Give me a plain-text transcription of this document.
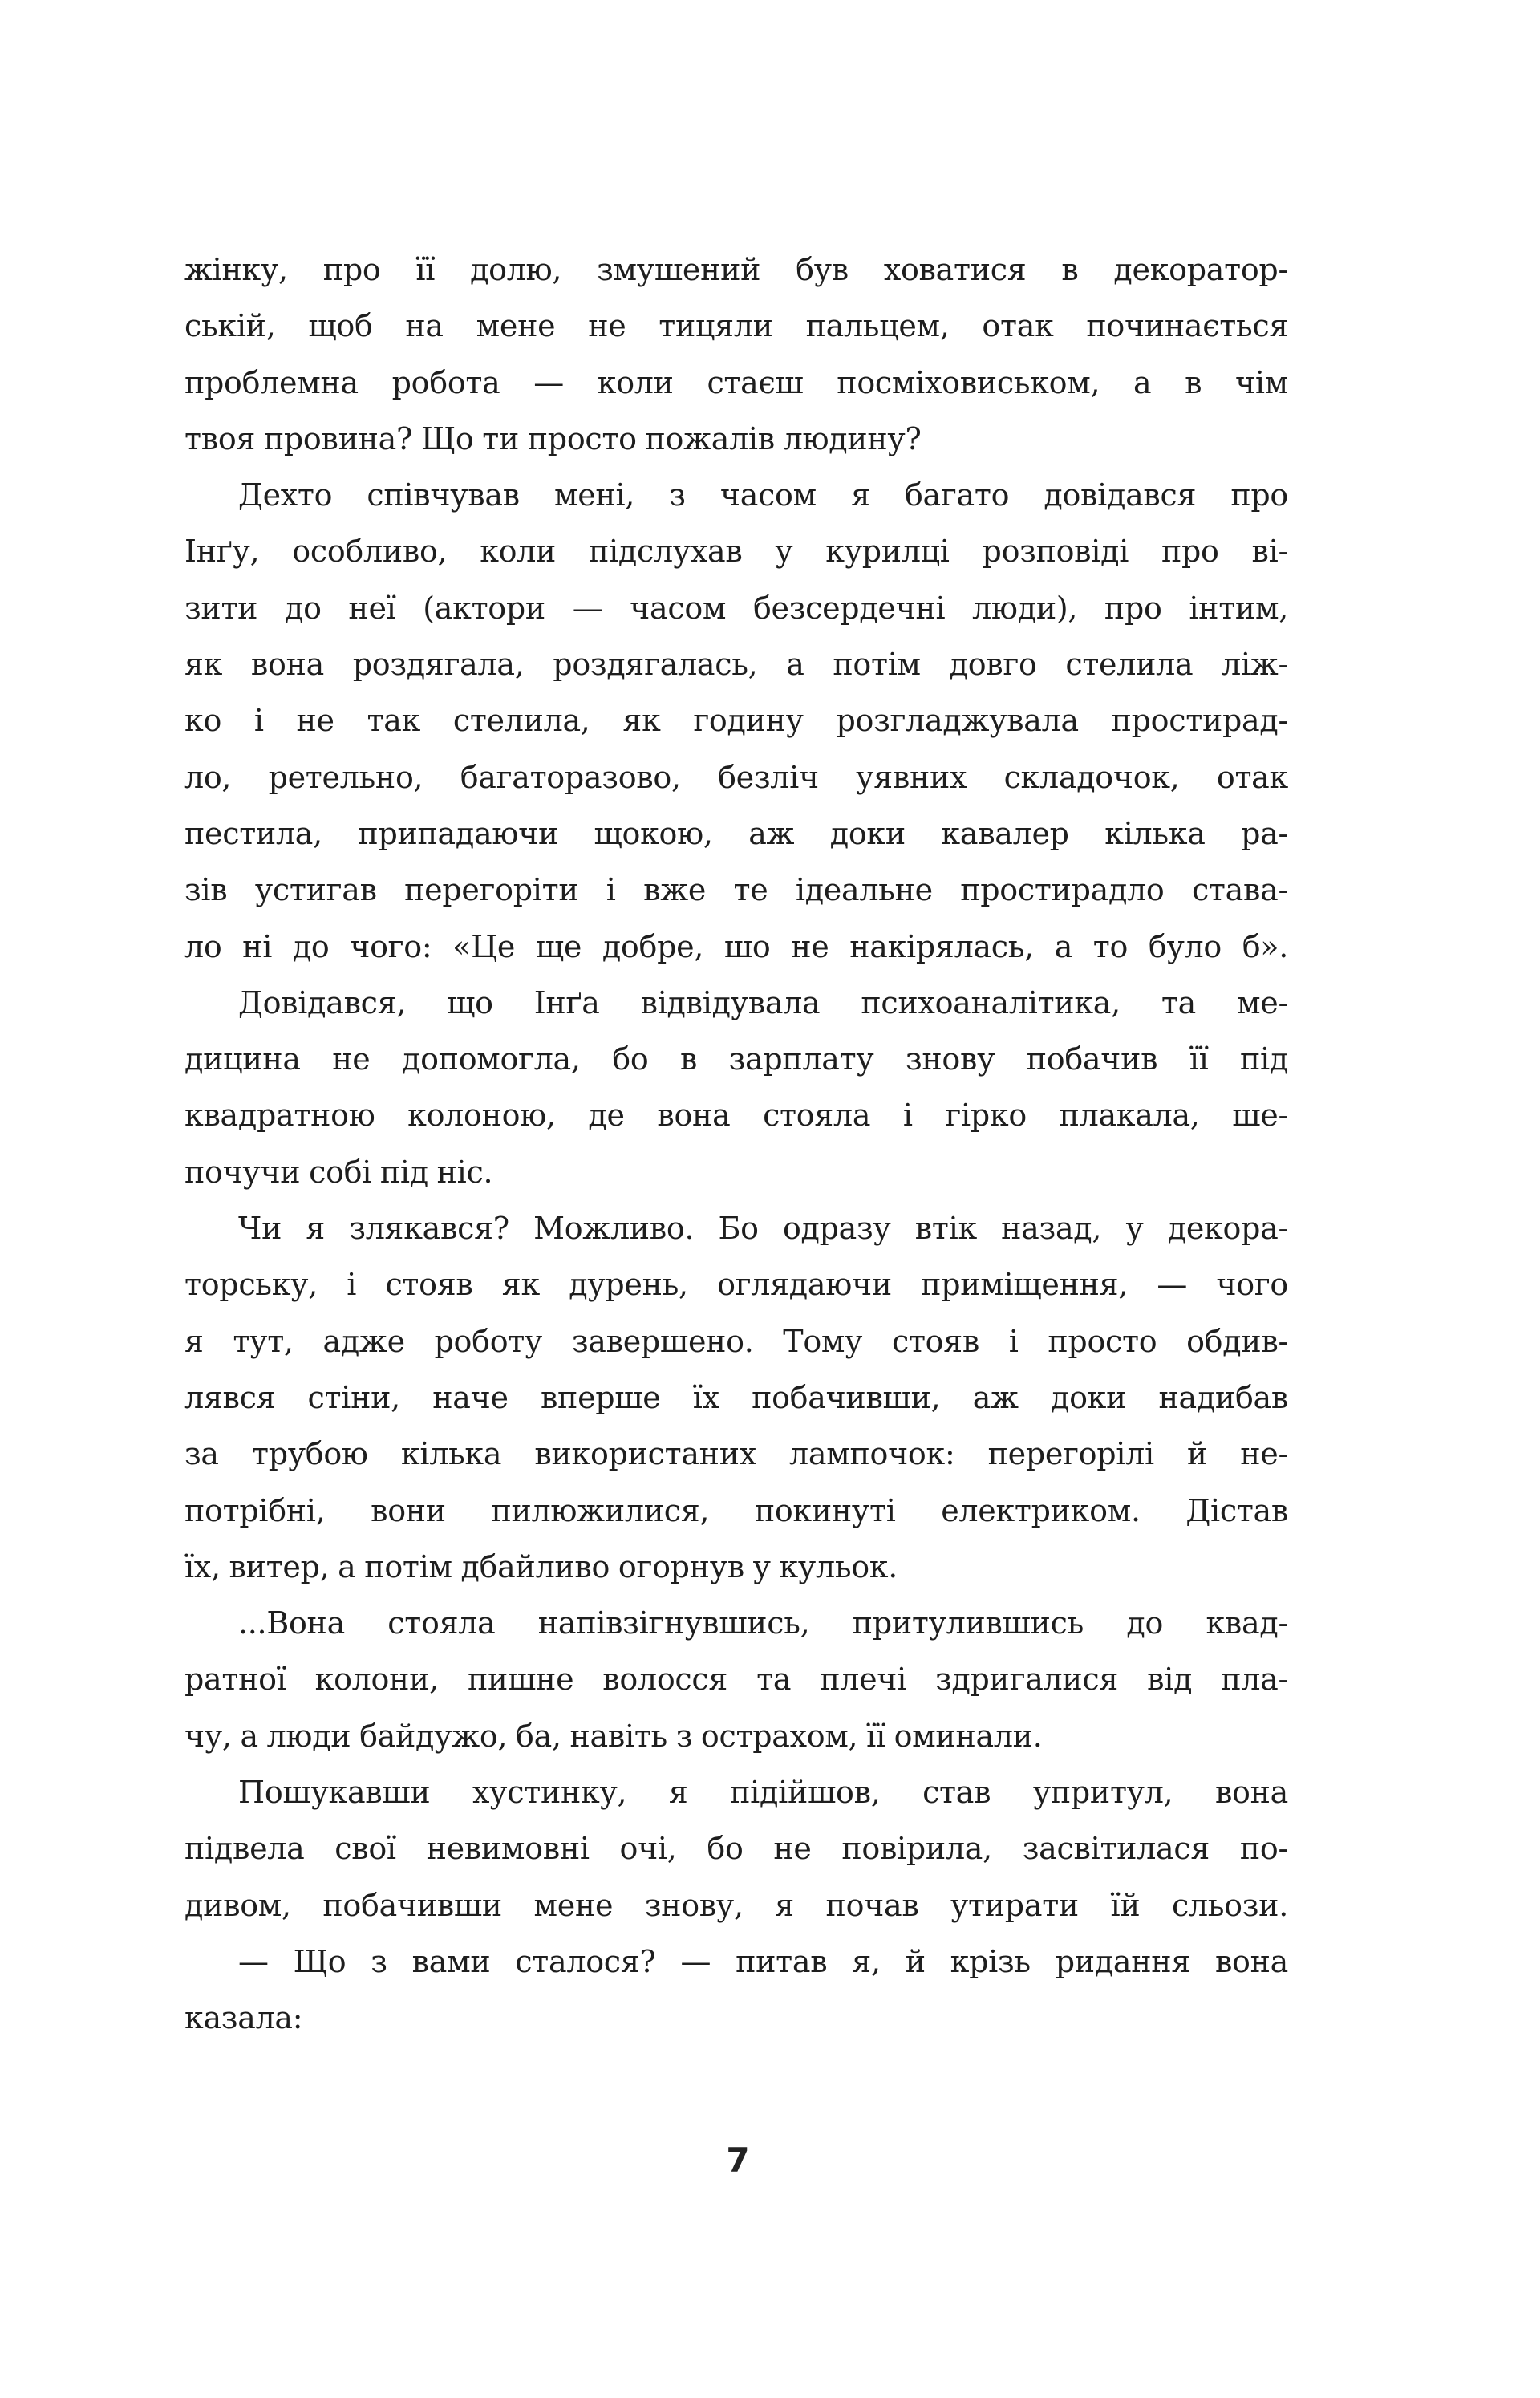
жінку, про її долю, змушений був ховатися в декоратор-
ській, щоб на мене не тицяли пальцем, отак починається
проблемна робота — коли стаєш посміховиськом, а в чім
твоя провина? Що ти просто пожалів людину?
Дехто співчував мені, з часом я багато довідався про
Інґу, особливо, коли підслухав у курилці розповіді про ві-
зити до неї (актори — часом безсердечні люди), про інтим,
як вона роздягала, роздягалась, а потім довго стелила ліж-
ко і не так стелила, як годину розгладжувала простирад-
ло, ретельно, багаторазово, безліч уявних складочок, отак
пестила, припадаючи щокою, аж доки кавалер кілька ра-
зів устигав перегоріти і вже те ідеальне простирадло става-
ло ні до чого: «Це ще добре, шо не накірялась, а то було б».
Довідався, що Інґа відвідувала психоаналітика, та ме-
дицина не допомогла, бо в зарплату знову побачив її під
квадратною колоною, де вона стояла і гірко плакала, ше-
почучи собі під ніс.
Чи я злякався? Можливо. Бо одразу втік назад, у декора-
торську, і стояв як дурень, оглядаючи приміщення, — чого
я тут, адже роботу завершено. Тому стояв і просто обдив-
лявся стіни, наче вперше їх побачивши, аж доки надибав
за трубою кілька використаних лампочок: перегорілі й не-
потрібні, вони пилюжилися, покинуті електриком. Дістав
їх, витер, а потім дбайливо огорнув у кульок.
...Вона стояла напівзігнувшись, притулившись до квад-
ратної колони, пишне волосся та плечі здригалися від пла-
чу, а люди байдужо, ба, навіть з острахом, її оминали.
Пошукавши хустинку, я підійшов, став упритул, вона
підвела свої невимовні очі, бо не повірила, засвітилася по-
дивом, побачивши мене знову, я почав утирати їй сльози.
— Що з вами сталося? — питав я, й крізь ридання вона
казала:
7
